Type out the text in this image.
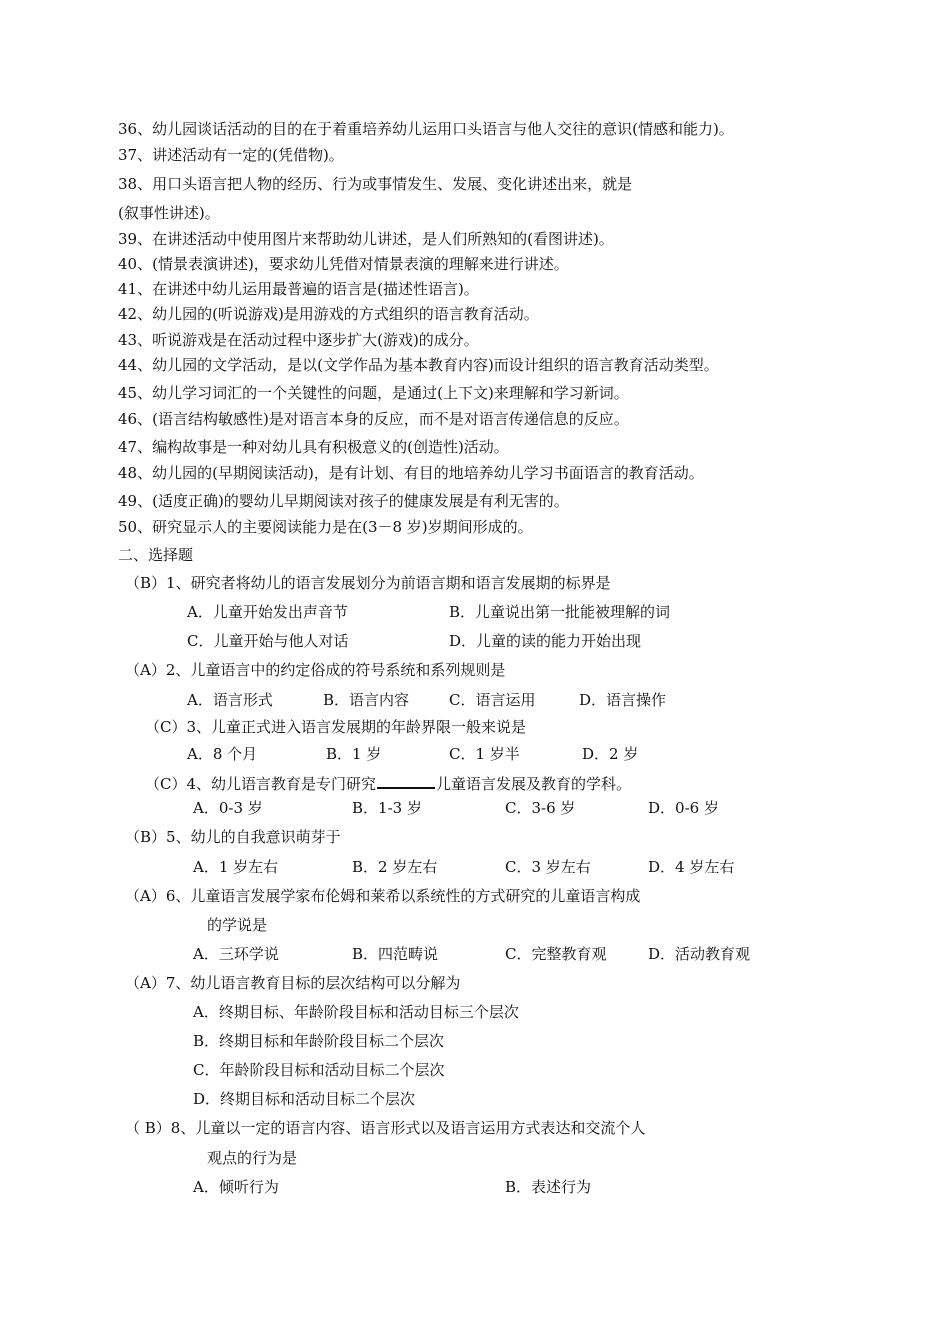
36、幼儿园谈话活动的目的在于着重培养幼儿运用口头语言与他人交往的意识(情感和能力)。
37、讲述活动有一定的(凭借物)。
38、用口头语言把人物的经历、行为或事情发生、发展、变化讲述出来，就是
(叙事性讲述)。
39、在讲述活动中使用图片来帮助幼儿讲述，是人们所熟知的(看图讲述)。
40、(情景表演讲述)，要求幼儿凭借对情景表演的理解来进行讲述。
41、在讲述中幼儿运用最普遍的语言是(描述性语言)。
42、幼儿园的(听说游戏)是用游戏的方式组织的语言教育活动。
43、听说游戏是在活动过程中逐步扩大(游戏)的成分。
44、幼儿园的文学活动，是以(文学作品为基本教育内容)而设计组织的语言教育活动类型。
45、幼儿学习词汇的一个关键性的问题，是通过(上下文)来理解和学习新词。
46、(语言结构敏感性)是对语言本身的反应，而不是对语言传递信息的反应。
47、编构故事是一种对幼儿具有积极意义的(创造性)活动。
48、幼儿园的(早期阅读活动)，是有计划、有目的地培养幼儿学习书面语言的教育活动。
49、(适度正确)的婴幼儿早期阅读对孩子的健康发展是有利无害的。
50、研究显示人的主要阅读能力是在(3－8 岁)岁期间形成的。
二、选择题
（B）1、研究者将幼儿的语言发展划分为前语言期和语言发展期的标界是
A．儿童开始发出声音节	B．儿童说出第一批能被理解的词
C．儿童开始与他人对话	D．儿童的读的能力开始出现
（A）2、儿童语言中的约定俗成的符号系统和系列规则是
A．语言形式	B．语言内容	C．语言运用	D．语言操作
（C）3、儿童正式进入语言发展期的年龄界限一般来说是
A．8 个月	B．1 岁	C．1 岁半	D．2 岁
（C）4、幼儿语言教育是专门研究	儿童语言发展及教育的学科。
A．0-3 岁	B．1-3 岁	C．3-6 岁	D．0-6 岁
（B）5、幼儿的自我意识萌芽于
A．1 岁左右	B．2 岁左右	C．3 岁左右	D．4 岁左右
（A）6、儿童语言发展学家布伦姆和莱希以系统性的方式研究的儿童语言构成
的学说是
A．三环学说	B．四范畴说	C．完整教育观	D．活动教育观
（A）7、幼儿语言教育目标的层次结构可以分解为
A．终期目标、年龄阶段目标和活动目标三个层次
B．终期目标和年龄阶段目标二个层次
C．年龄阶段目标和活动目标二个层次
D．终期目标和活动目标二个层次
（ B）8、儿童以一定的语言内容、语言形式以及语言运用方式表达和交流个人
观点的行为是
A．倾听行为	B．表述行为
